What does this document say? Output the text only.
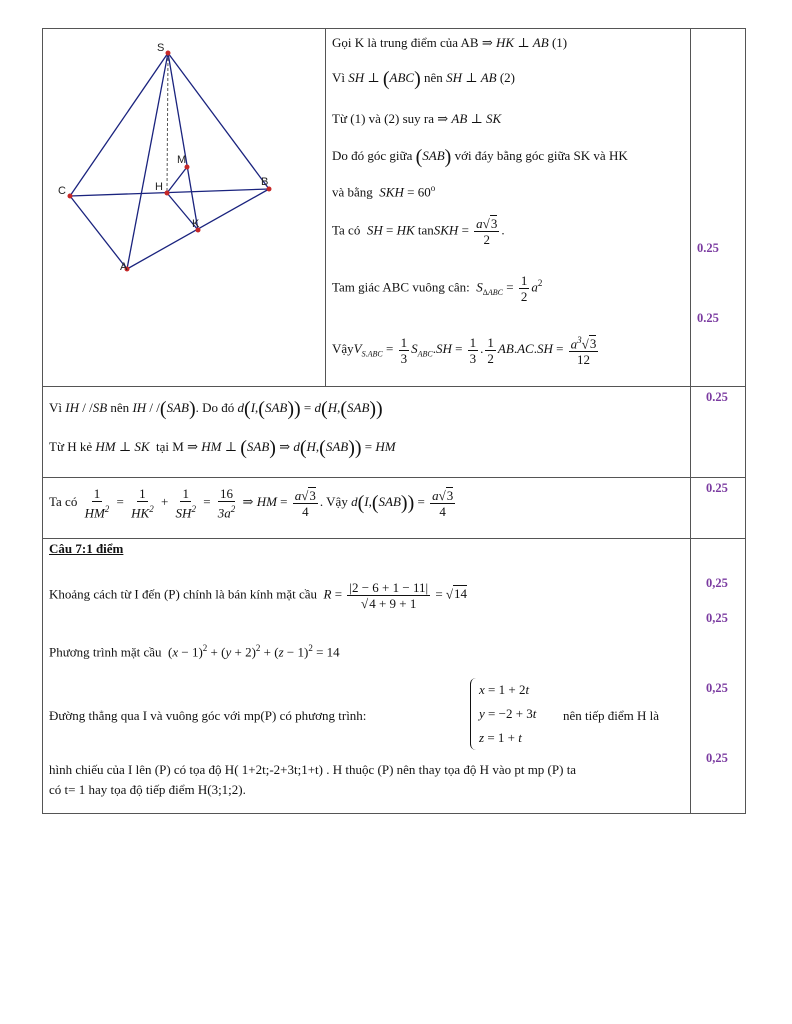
S
M
H
C
B
K
A
Gọi K là trung điểm của AB ⇒ HK ⊥ AB (1)
Vì SH ⊥ (ABC) nên SH ⊥ AB (2)
Từ (1) và (2) suy ra ⇒ AB ⊥ SK
Do đó góc giữa (SAB) với đáy bằng góc giữa SK và HK
và bằng SKH = $60^o$
Ta có SH = HK tanSKH = $\frac{a√3}{2}$ .
Tam giác ABC vuông cân: $S_{\Delta ABC} = \frac{1}{2} a^2$
VậyV$_{S.ABC}$ = $\frac{1}{3} S_{ABC}.SH = \frac{1}{3}$ . $\frac{1}{2} AB.AC.SH = \frac{a^3√3}{12}$
Vì IH / /SB nên IH / /(SAB). Do đó d(I,(SAB)) = d(H,(SAB))
Từ H kẻ HM ⊥ SK tại M ⇒ HM ⊥ (SAB) ⇒ d(H,(SAB)) = HM
Ta có $\frac{1}{HM^2} = \frac{1}{HK^2} + \frac{1}{SH^2} = \frac{16}{3a^2}$ ⇒ HM = $\frac{a√3}{4}$ . Vậy $d(I,(SAB)) = \frac{a√3}{4}$
Câu 7:1 điểm
Khoảng cách từ I đến (P) chính là bán kính mặt cầu $R = \frac{|2 - 6 + 1 - 11|}{√4 + 9 + 1} = √14$
Phương trình mặt cầu  $(x - 1)^2 + (y + 2)^2 + (z - 1)^2 = 14$
Đường thẳng qua I và vuông góc với mp(P) có phương trình:
x = 1 + 2t
y = −2 + 3t
z = 1 + t
nên tiếp điểm H là
hình chiếu của I lên (P) có tọa độ H( 1+2t;-2+3t;1+t) . H thuộc (P) nên thay tọa độ H vào pt mp (P) ta
có t= 1 hay tọa độ tiếp điểm H(3;1;2).
0.25
0.25
0.25
0.25
0,25
0,25
0,25
0,25
